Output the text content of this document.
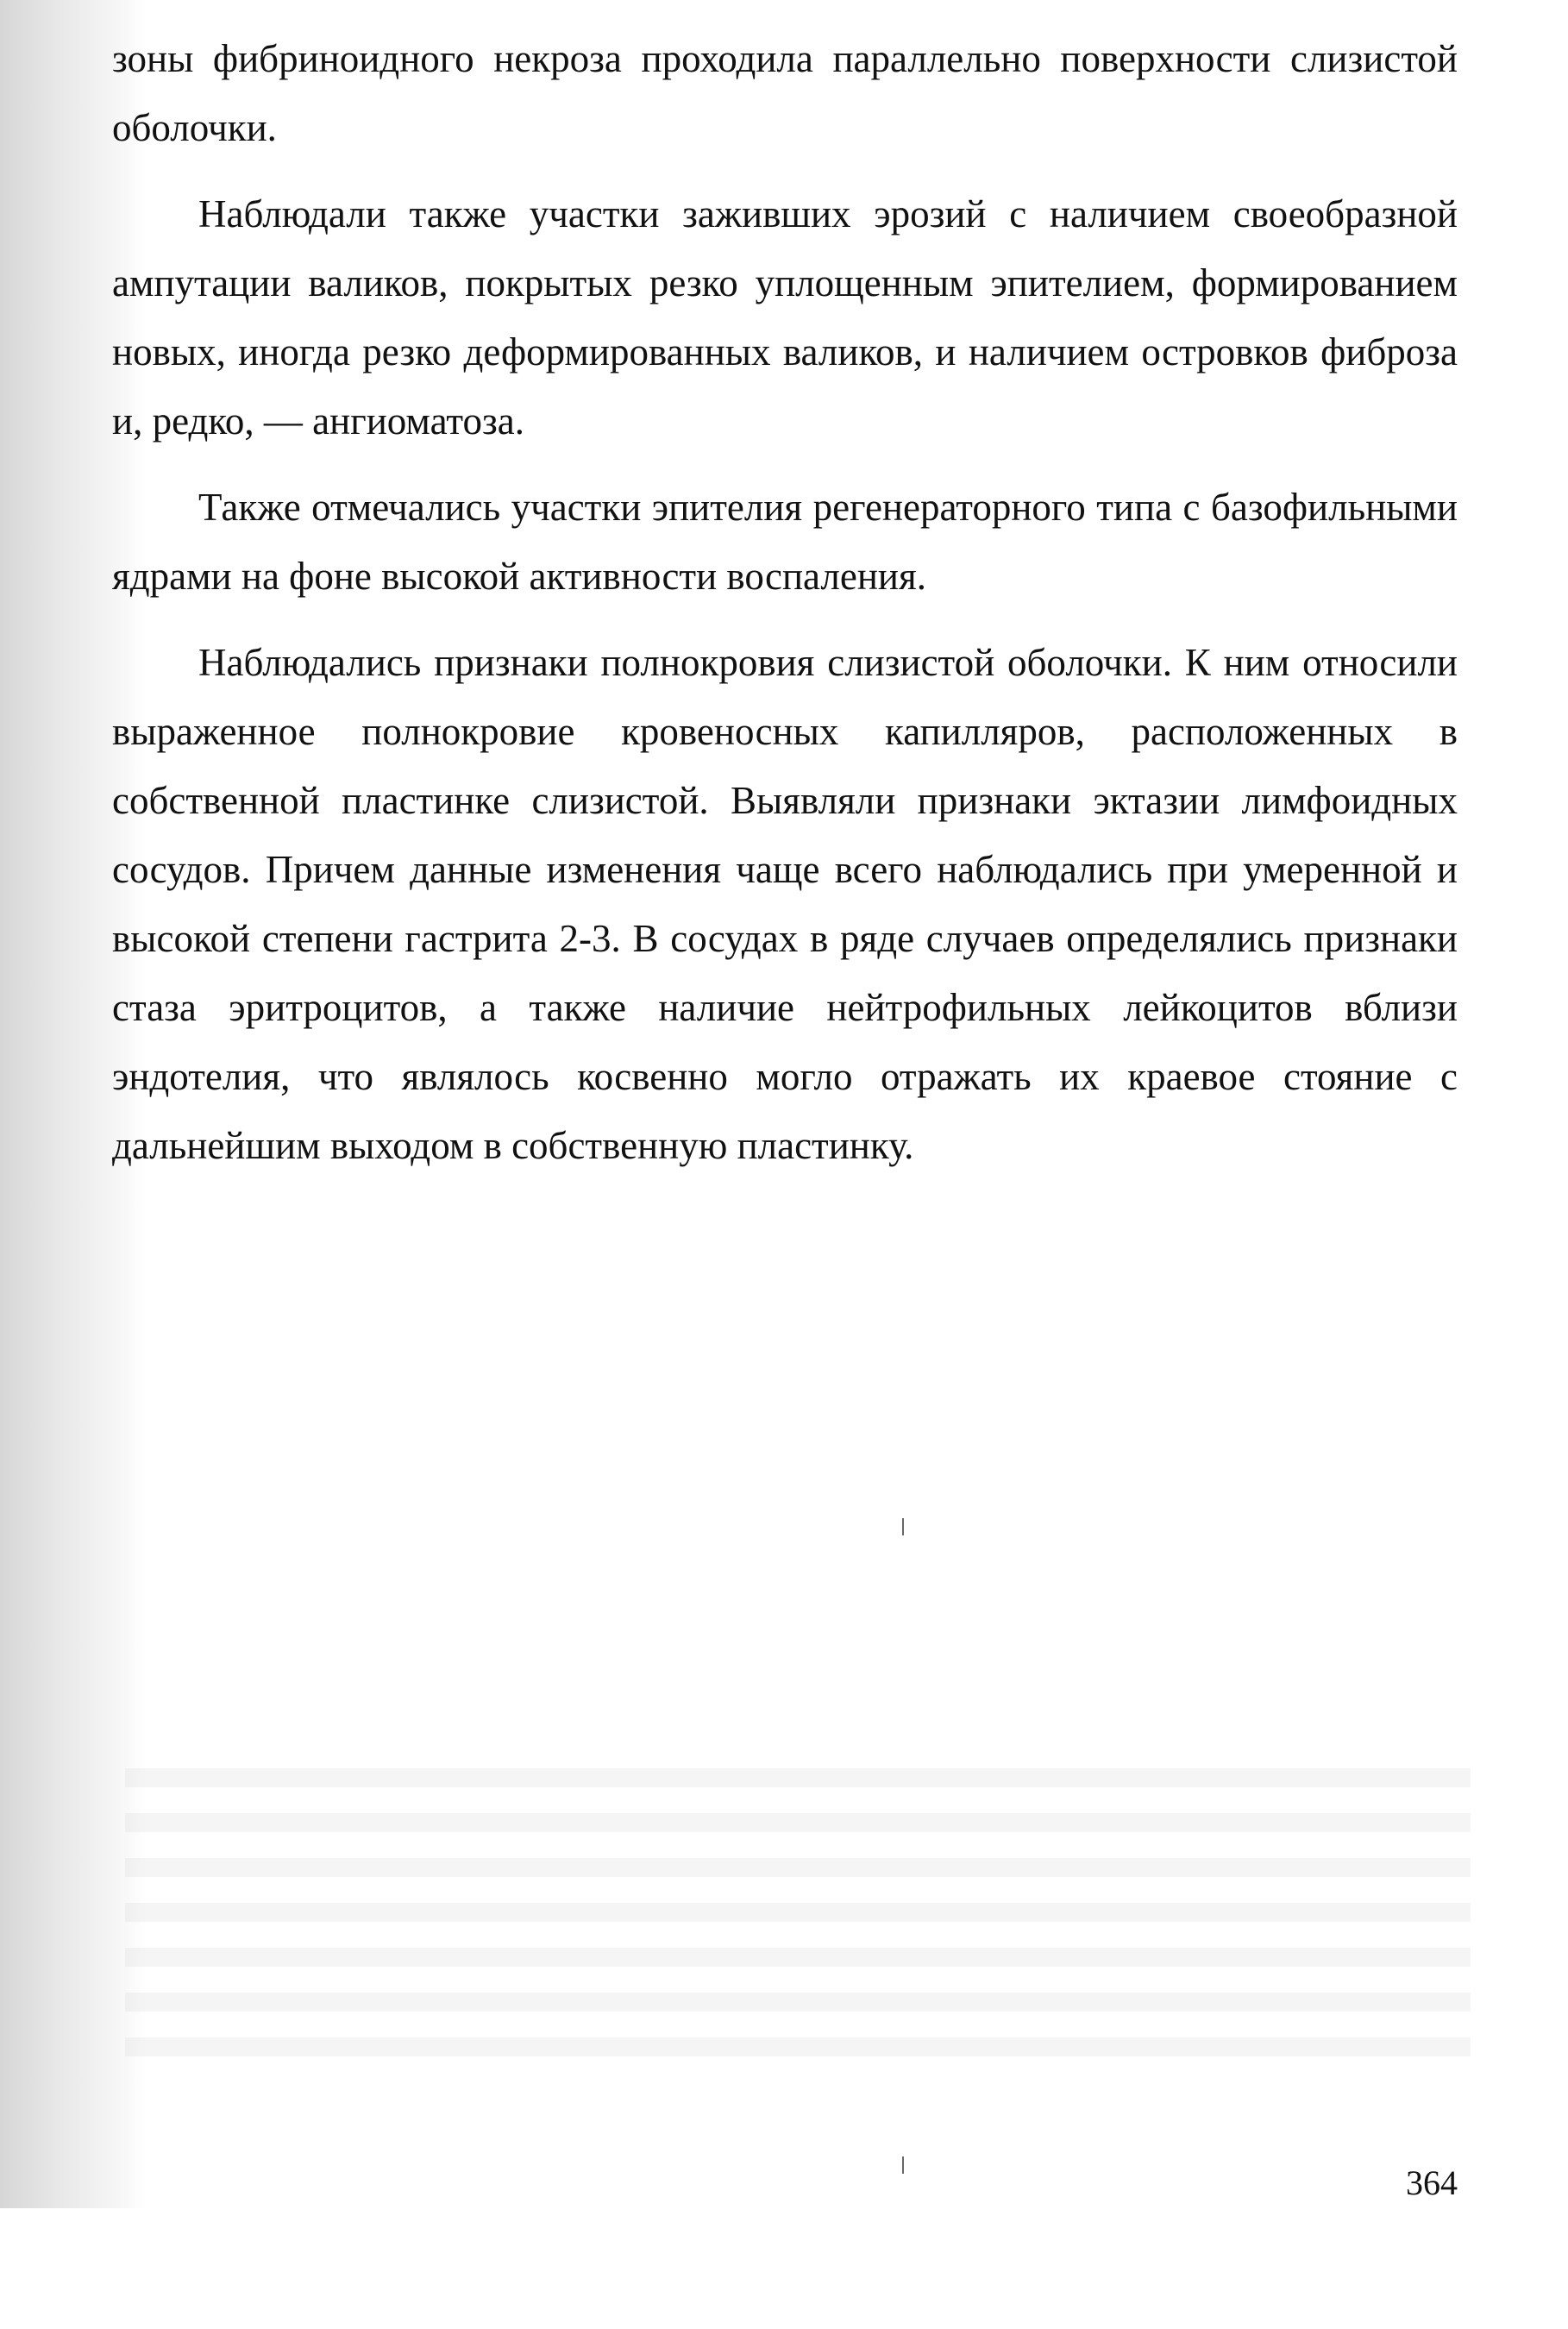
зоны фибриноидного некроза проходила параллельно поверхности слизистой оболочки.

Наблюдали также участки заживших эрозий с наличием своеобразной ампутации валиков, покрытых резко уплощенным эпителием, формированием новых, иногда резко деформированных валиков, и наличием островков фиброза и, редко, — ангиоматоза.

Также отмечались участки эпителия регенераторного типа с базофильными ядрами на фоне высокой активности воспаления.

Наблюдались признаки полнокровия слизистой оболочки. К ним относили выраженное полнокровие кровеносных капилляров, расположенных в собственной пластинке слизистой. Выявляли признаки эктазии лимфоидных сосудов. Причем данные изменения чаще всего наблюдались при умеренной и высокой степени гастрита 2-3. В сосудах в ряде случаев определялись признаки стаза эритроцитов, а также наличие нейтрофильных лейкоцитов вблизи эндотелия, что являлось косвенно могло отражать их краевое стояние с дальнейшим выходом в собственную пластинку.

364
